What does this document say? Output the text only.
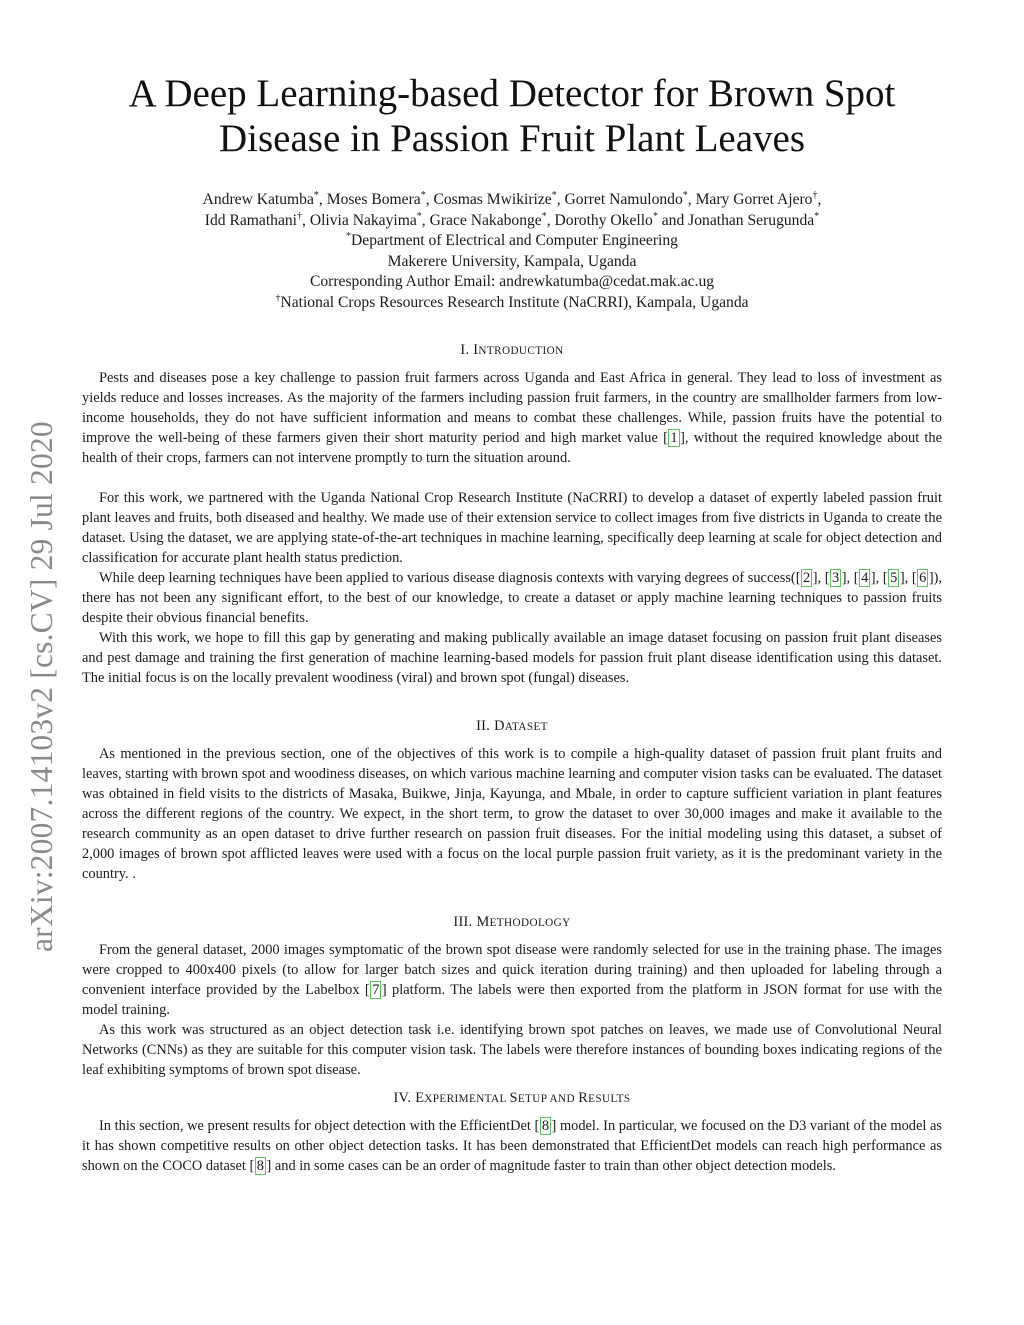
arXiv:2007.14103v2 [cs.CV] 29 Jul 2020
A Deep Learning-based Detector for Brown Spot
Disease in Passion Fruit Plant Leaves
Andrew Katumba*, Moses Bomera*, Cosmas Mwikirize*, Gorret Namulondo*, Mary Gorret Ajero†,
Idd Ramathani†, Olivia Nakayima*, Grace Nakabonge*, Dorothy Okello* and Jonathan Serugunda*
*Department of Electrical and Computer Engineering
Makerere University, Kampala, Uganda
Corresponding Author Email: andrewkatumba@cedat.mak.ac.ug
†National Crops Resources Research Institute (NaCRRI), Kampala, Uganda
I. INTRODUCTION

Pests and diseases pose a key challenge to passion fruit farmers across Uganda and East Africa in general. They lead to loss of investment as yields reduce and losses increases. As the majority of the farmers including passion fruit farmers, in the country are smallholder farmers from low-income households, they do not have sufficient information and means to combat these challenges. While, passion fruits have the potential to improve the well-being of these farmers given their short maturity period and high market value [ 1 ], without the required knowledge about the health of their crops, farmers can not intervene promptly to turn the situation around.

For this work, we partnered with the Uganda National Crop Research Institute (NaCRRI) to develop a dataset of expertly labeled passion fruit plant leaves and fruits, both diseased and healthy. We made use of their extension service to collect images from five districts in Uganda to create the dataset. Using the dataset, we are applying state-of-the-art techniques in machine learning, specifically deep learning at scale for object detection and classification for accurate plant health status prediction.

While deep learning techniques have been applied to various disease diagnosis contexts with varying degrees of success([ 2 ], [ 3 ], [ 4 ], [ 5 ], [ 6 ]), there has not been any significant effort, to the best of our knowledge, to create a dataset or apply machine learning techniques to passion fruits despite their obvious financial benefits.

With this work, we hope to fill this gap by generating and making publically available an image dataset focusing on passion fruit plant diseases and pest damage and training the first generation of machine learning-based models for passion fruit plant disease identification using this dataset. The initial focus is on the locally prevalent woodiness (viral) and brown spot (fungal) diseases.

II. DATASET

As mentioned in the previous section, one of the objectives of this work is to compile a high-quality dataset of passion fruit plant fruits and leaves, starting with brown spot and woodiness diseases, on which various machine learning and computer vision tasks can be evaluated. The dataset was obtained in field visits to the districts of Masaka, Buikwe, Jinja, Kayunga, and Mbale, in order to capture sufficient variation in plant features across the different regions of the country. We expect, in the short term, to grow the dataset to over 30,000 images and make it available to the research community as an open dataset to drive further research on passion fruit diseases. For the initial modeling using this dataset, a subset of 2,000 images of brown spot afflicted leaves were used with a focus on the local purple passion fruit variety, as it is the predominant variety in the country. .

III. METHODOLOGY

From the general dataset, 2000 images symptomatic of the brown spot disease were randomly selected for use in the training phase. The images were cropped to 400x400 pixels (to allow for larger batch sizes and quick iteration during training) and then uploaded for labeling through a convenient interface provided by the Labelbox [ 7 ] platform. The labels were then exported from the platform in JSON format for use with the model training.

As this work was structured as an object detection task i.e. identifying brown spot patches on leaves, we made use of Convolutional Neural Networks (CNNs) as they are suitable for this computer vision task. The labels were therefore instances of bounding boxes indicating regions of the leaf exhibiting symptoms of brown spot disease.

IV. EXPERIMENTAL SETUP AND RESULTS

In this section, we present results for object detection with the EfficientDet [ 8 ] model. In particular, we focused on the D3 variant of the model as it has shown competitive results on other object detection tasks. It has been demonstrated that EfficientDet models can reach high performance as shown on the COCO dataset [ 8 ] and in some cases can be an order of magnitude faster to train than other object detection models.
